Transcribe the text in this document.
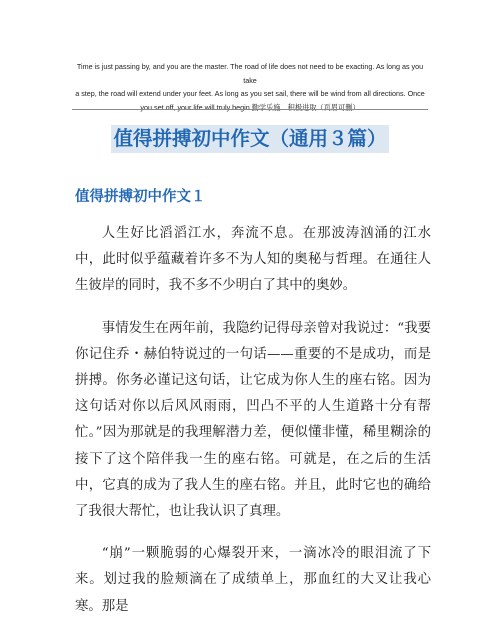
Time is just passing by, and you are the master. The road of life does not need to be exacting. As long as you take
a step, the road will extend under your feet. As long as you set sail, there will be wind from all directions. Once
you set off, your life will truly begin.勤学乐施　积极进取（页眉可删）
值得拼搏初中作文（通用３篇）
值得拼搏初中作文１

人生好比滔滔江水，奔流不息。在那波涛汹涌的江水中，此时似乎蕴藏着许多不为人知的奥秘与哲理。在通往人生彼岸的同时，我不多不少明白了其中的奥妙。

事情发生在两年前，我隐约记得母亲曾对我说过：“我要你记住乔・赫伯特说过的一句话——重要的不是成功，而是拼搏。你务必谨记这句话，让它成为你人生的座右铭。因为这句话对你以后风风雨雨，凹凸不平的人生道路十分有帮忙。”因为那就是的我理解潜力差，便似懂非懂，稀里糊涂的接下了这个陪伴我一生的座右铭。可就是，在之后的生活中，它真的成为了我人生的座右铭。并且，此时它也的确给了我很大帮忙，也让我认识了真理。

“崩”一颗脆弱的心爆裂开来，一滴冰冷的眼泪流了下来。划过我的脸颊滴在了成绩单上，那血红的大叉让我心寒。那是
